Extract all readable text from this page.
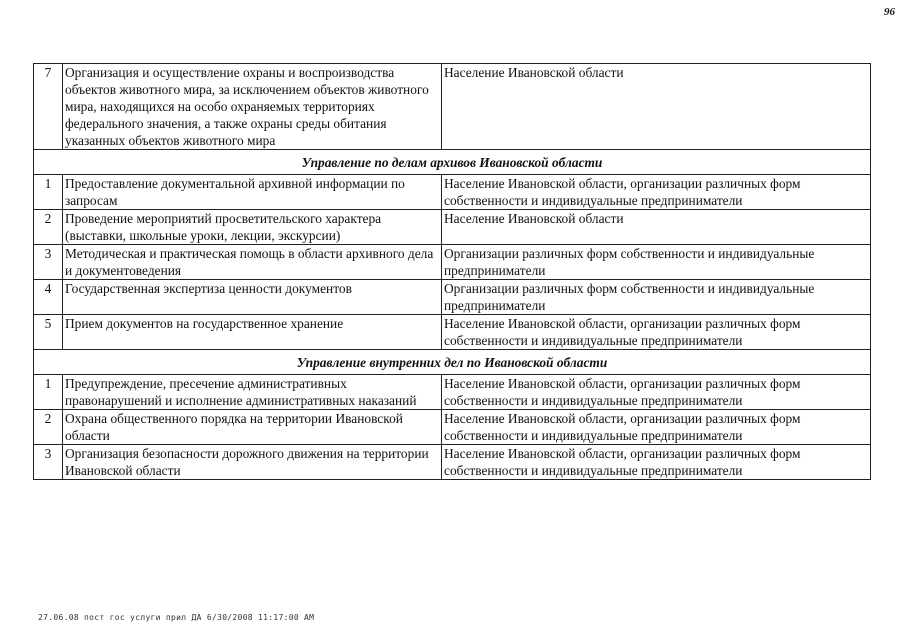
96
7	Организация и осуществление охраны и воспроизводства объектов животного мира, за исключением объектов животного мира, находящихся на особо охраняемых территориях федерального значения, а также охраны среды обитания указанных объектов животного мира	Население Ивановской области
Управление по делам архивов Ивановской области		
1	Предоставление документальной архивной информации по запросам	Население Ивановской области, организации различных форм собственности и индивидуальные предприниматели
2	Проведение мероприятий просветительского характера (выставки, школьные уроки, лекции, экскурсии)	Население Ивановской области
3	Методическая и практическая помощь в области архивного дела и документоведения	Организации различных форм собственности и индивидуальные предприниматели
4	Государственная экспертиза ценности документов	Организации различных форм собственности и индивидуальные предприниматели
5	Прием документов на государственное хранение	Население Ивановской области, организации различных форм собственности и индивидуальные предприниматели
Управление внутренних дел по Ивановской области		
1	Предупреждение, пресечение административных правонарушений и исполнение административных наказаний	Население Ивановской области, организации различных форм собственности и индивидуальные предприниматели
2	Охрана общественного порядка на территории Ивановской области	Население Ивановской области, организации различных форм собственности и индивидуальные предприниматели
3	Организация безопасности дорожного движения на территории Ивановской области	Население Ивановской области, организации различных форм собственности и индивидуальные предприниматели
27.06.08 пост гос услуги прил ДА 6/30/2008 11:17:00 AM
